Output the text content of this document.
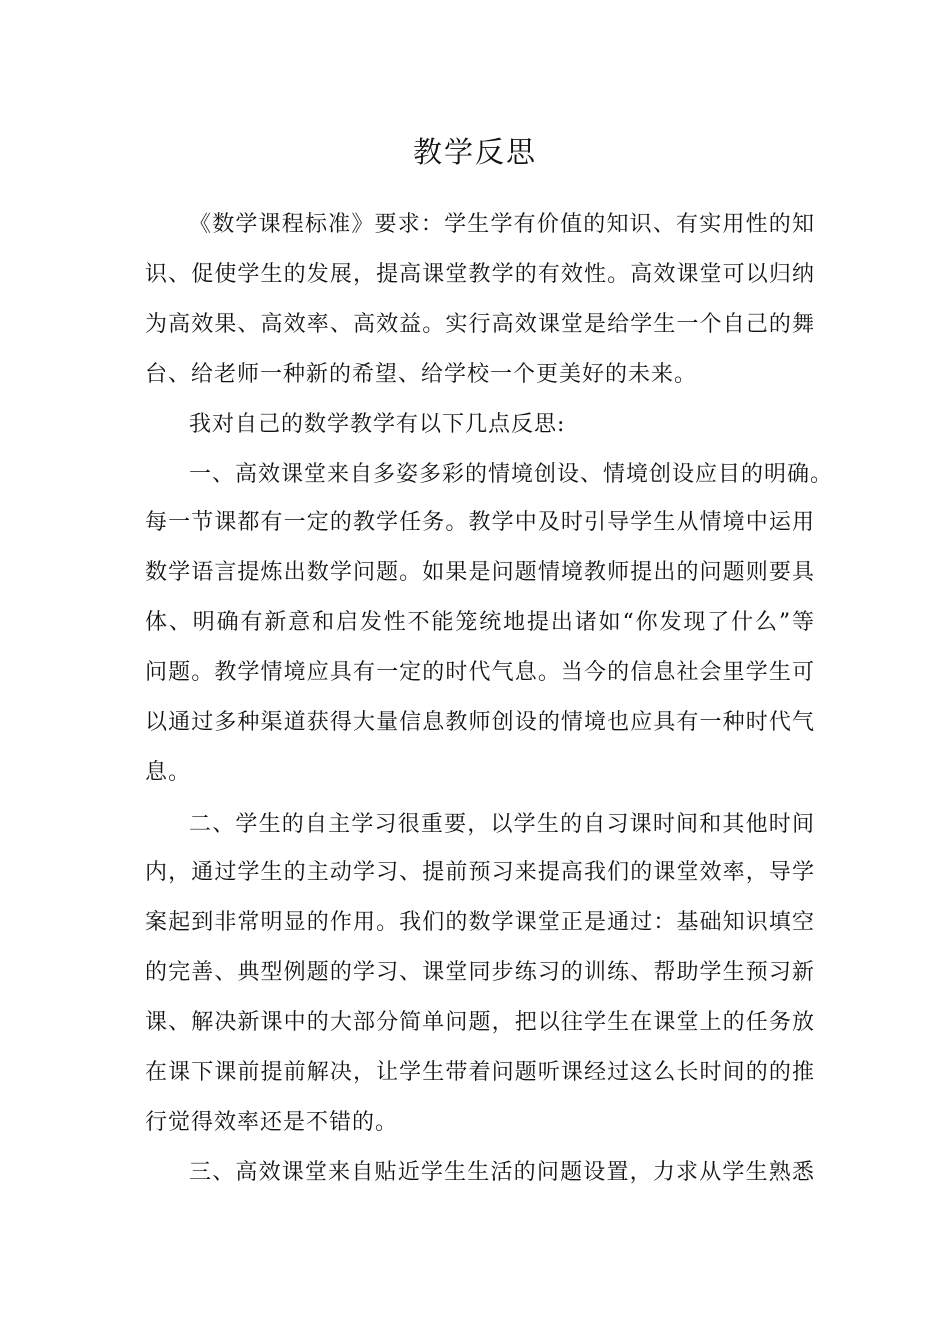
教学反思
《数学课程标准》要求：学生学有价值的知识、有实用性的知
识、促使学生的发展，提高课堂教学的有效性。高效课堂可以归纳
为高效果、高效率、高效益。实行高效课堂是给学生一个自己的舞
台、给老师一种新的希望、给学校一个更美好的未来。
我对自己的数学教学有以下几点反思:
一、高效课堂来自多姿多彩的情境创设、情境创设应目的明确。
每一节课都有一定的教学任务。教学中及时引导学生从情境中运用
数学语言提炼出数学问题。如果是问题情境教师提出的问题则要具
体、明确有新意和启发性不能笼统地提出诸如“你发现了什么”等
问题。教学情境应具有一定的时代气息。当今的信息社会里学生可
以通过多种渠道获得大量信息教师创设的情境也应具有一种时代气
息。
二、学生的自主学习很重要，以学生的自习课时间和其他时间
内，通过学生的主动学习、提前预习来提高我们的课堂效率，导学
案起到非常明显的作用。我们的数学课堂正是通过：基础知识填空
的完善、典型例题的学习、课堂同步练习的训练、帮助学生预习新
课、解决新课中的大部分简单问题，把以往学生在课堂上的任务放
在课下课前提前解决，让学生带着问题听课经过这么长时间的的推
行觉得效率还是不错的。
三、高效课堂来自贴近学生生活的问题设置，力求从学生熟悉
